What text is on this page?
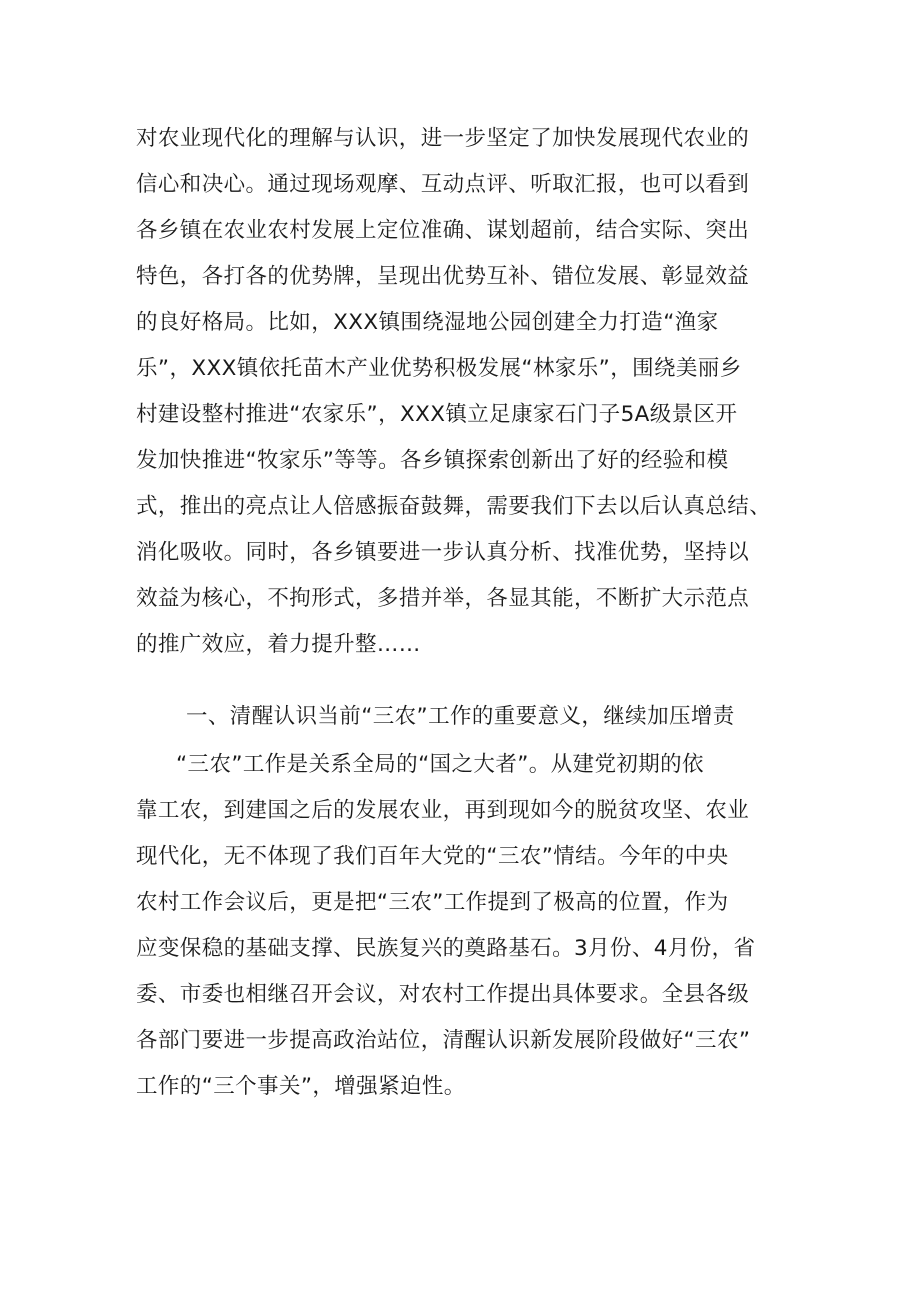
对农业现代化的理解与认识，进一步坚定了加快发展现代农业的
信心和决心。通过现场观摩、互动点评、听取汇报，也可以看到
各乡镇在农业农村发展上定位准确、谋划超前，结合实际、突出
特色，各打各的优势牌，呈现出优势互补、错位发展、彰显效益
的良好格局。比如，XXX镇围绕湿地公园创建全力打造“渔家
乐”，XXX镇依托苗木产业优势积极发展“林家乐”，围绕美丽乡
村建设整村推进“农家乐”，XXX镇立足康家石门子5A级景区开
发加快推进“牧家乐”等等。各乡镇探索创新出了好的经验和模
式，推出的亮点让人倍感振奋鼓舞，需要我们下去以后认真总结、
消化吸收。同时，各乡镇要进一步认真分析、找准优势，坚持以
效益为核心，不拘形式，多措并举，各显其能，不断扩大示范点
的推广效应，着力提升整……
一、清醒认识当前“三农”工作的重要意义，继续加压增责
“三农”工作是关系全局的“国之大者”。从建党初期的依
靠工农，到建国之后的发展农业，再到现如今的脱贫攻坚、农业
现代化，无不体现了我们百年大党的“三农”情结。今年的中央
农村工作会议后，更是把“三农”工作提到了极高的位置，作为
应变保稳的基础支撑、民族复兴的奠路基石。3月份、4月份，省
委、市委也相继召开会议，对农村工作提出具体要求。全县各级
各部门要进一步提高政治站位，清醒认识新发展阶段做好“三农”
工作的“三个事关”，增强紧迫性。
